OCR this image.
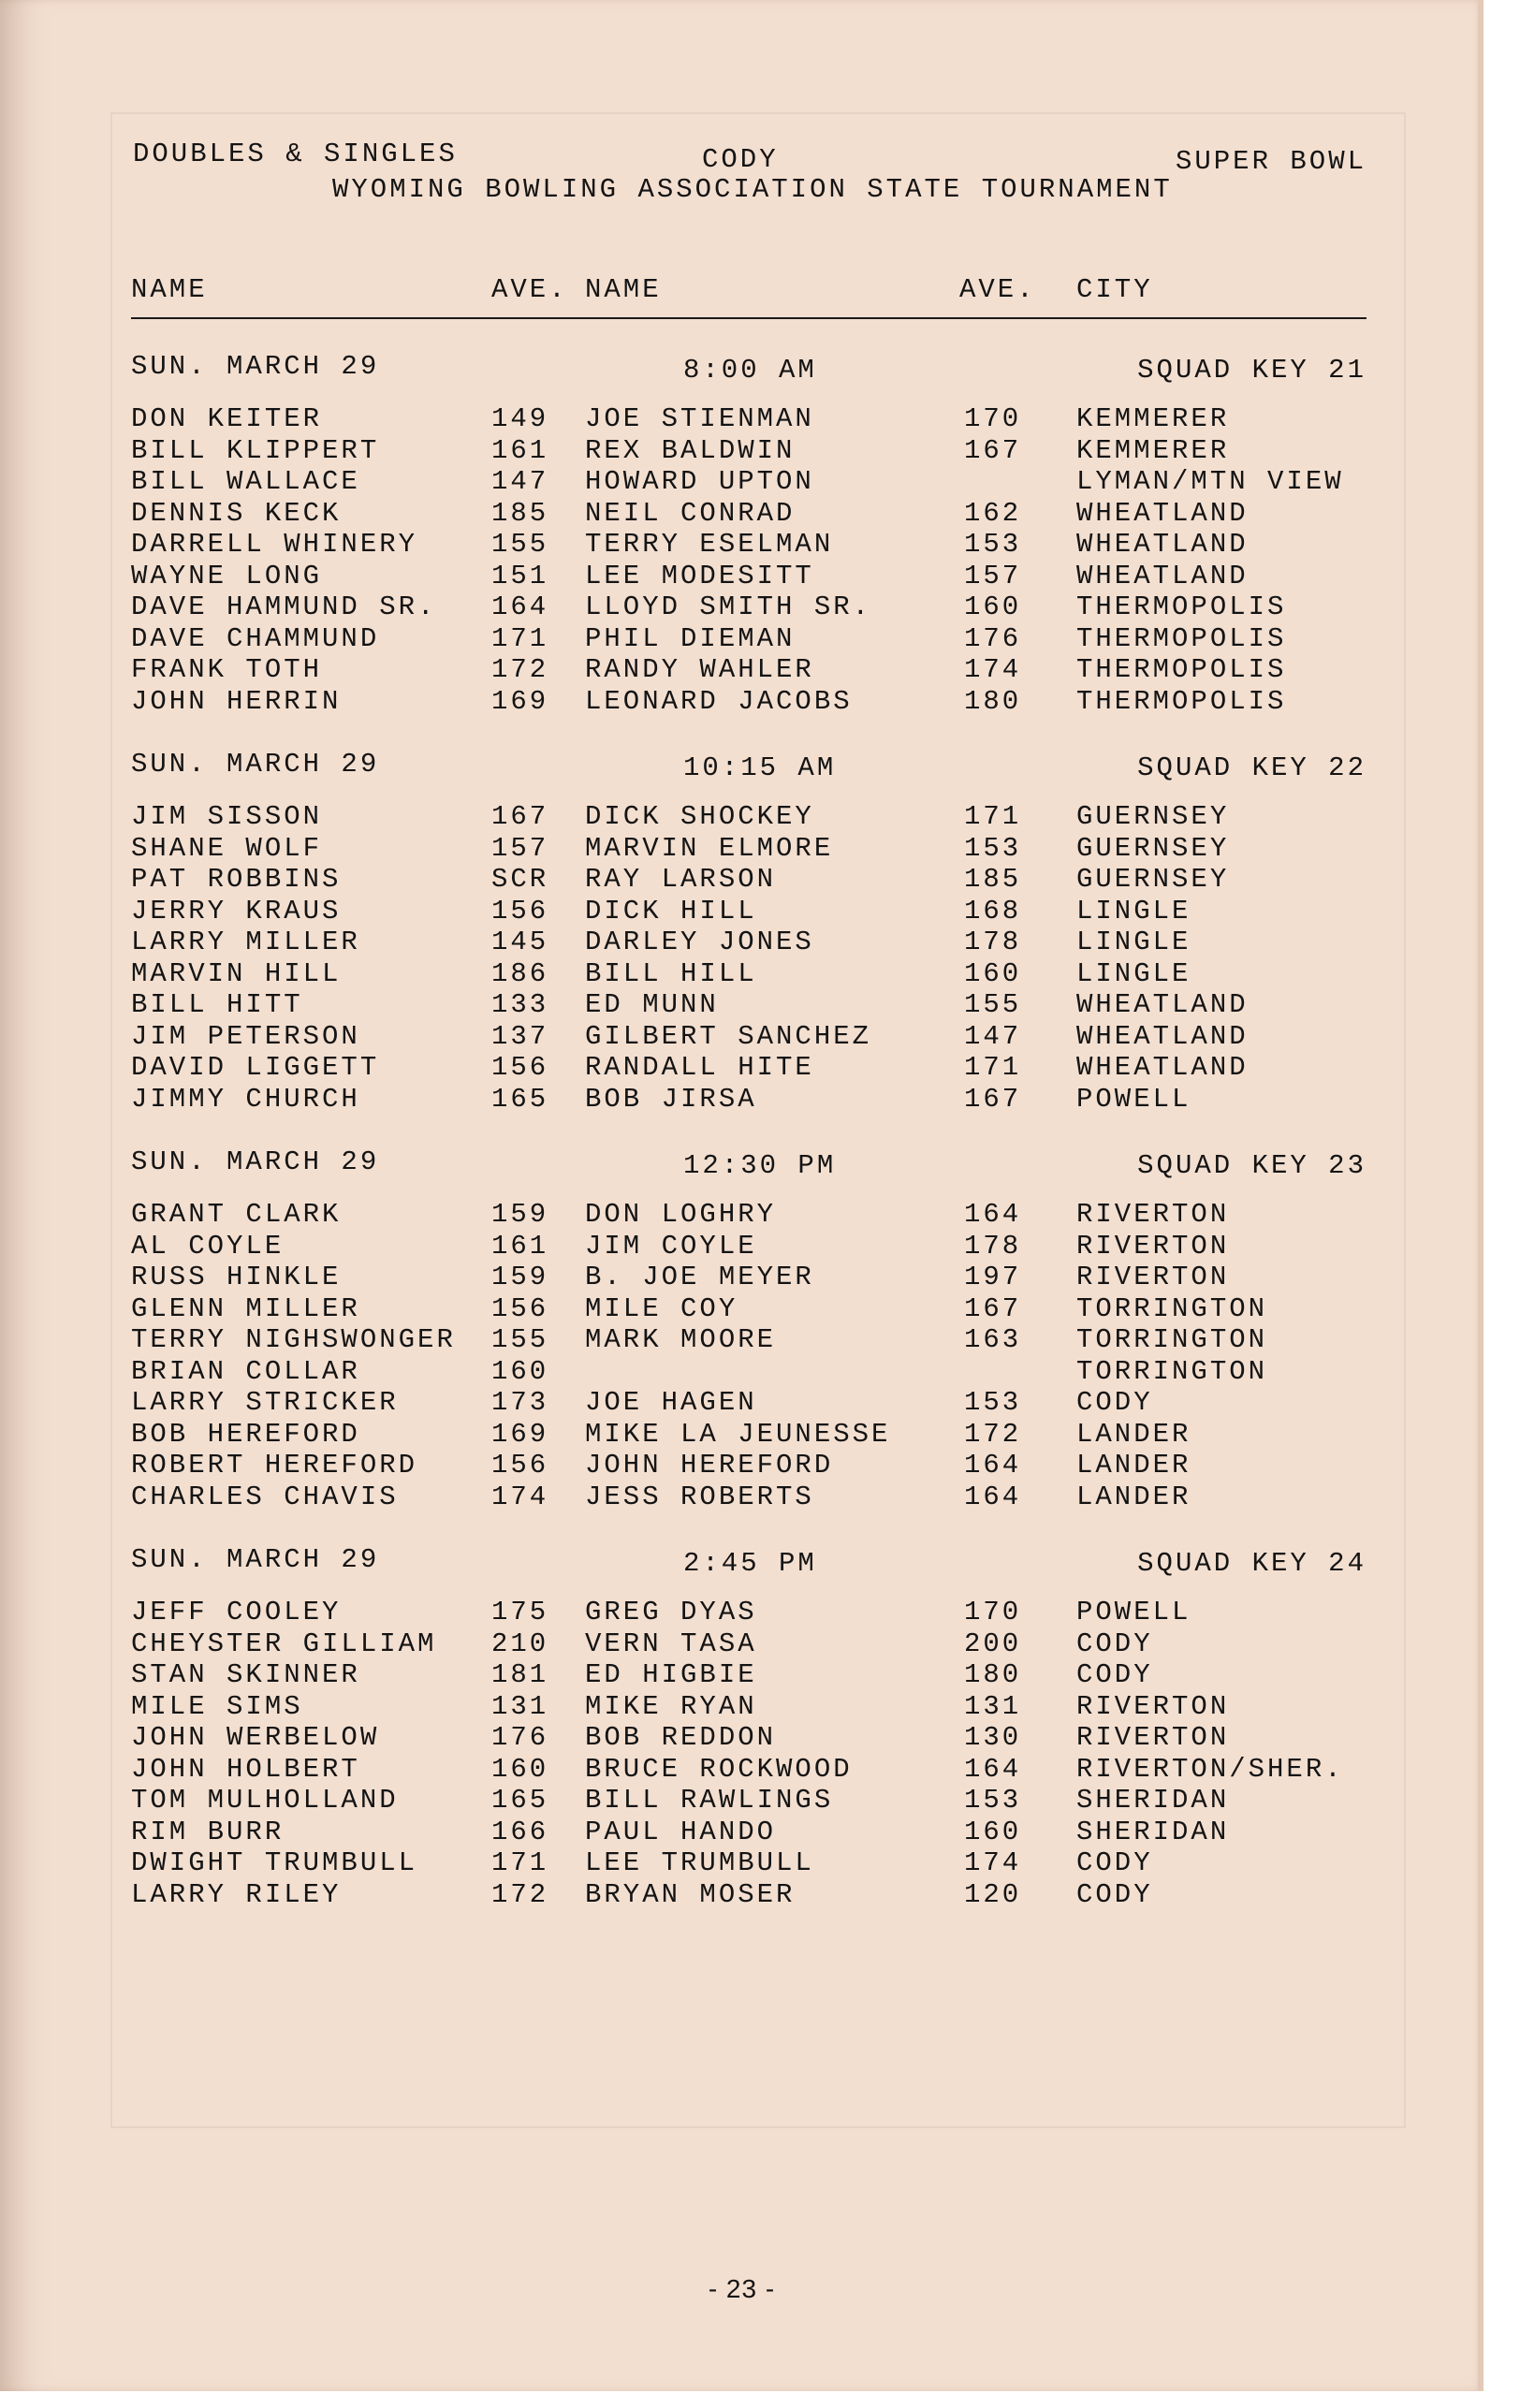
DOUBLES & SINGLES	CODY	SUPER BOWL
WYOMING BOWLING ASSOCIATION STATE TOURNAMENT
NAME	AVE. NAME	AVE. CITY
SUN. MARCH 29	8:00 AM	SQUAD KEY 21
DON KEITER	149 JOE STIENMAN	170 KEMMERER
BILL KLIPPERT	161 REX BALDWIN	167 KEMMERER
BILL WALLACE	147 HOWARD UPTON	LYMAN/MTN VIEW
DENNIS KECK	185 NEIL CONRAD	162 WHEATLAND
DARRELL WHINERY	155 TERRY ESELMAN	153 WHEATLAND
WAYNE LONG	151 LEE MODESITT	157 WHEATLAND
DAVE HAMMUND SR. 164 LLOYD SMITH SR.	160 THERMOPOLIS
DAVE CHAMMUND	171 PHIL DIEMAN	176 THERMOPOLIS
FRANK TOTH	172 RANDY WAHLER	174 THERMOPOLIS
JOHN HERRIN	169 LEONARD JACOBS	180 THERMOPOLIS
SUN. MARCH 29	10:15 AM	SQUAD KEY 22
JIM SISSON	167 DICK SHOCKEY	171 GUERNSEY
SHANE WOLF	157 MARVIN ELMORE	153 GUERNSEY
PAT ROBBINS	SCR RAY LARSON	185 GUERNSEY
JERRY KRAUS	156 DICK HILL	168 LINGLE
LARRY MILLER	145 DARLEY JONES	178 LINGLE
MARVIN HILL	186 BILL HILL	160 LINGLE
BILL HITT	133 ED MUNN	155 WHEATLAND
JIM PETERSON	137 GILBERT SANCHEZ	147 WHEATLAND
DAVID LIGGETT	156 RANDALL HITE	171 WHEATLAND
JIMMY CHURCH	165 BOB JIRSA	167 POWELL
SUN. MARCH 29	12:30 PM	SQUAD KEY 23
GRANT CLARK	159 DON LOGHRY	164 RIVERTON
AL COYLE	161 JIM COYLE	178 RIVERTON
RUSS HINKLE	159 B. JOE MEYER	197 RIVERTON
GLENN MILLER	156 MILE COY	167 TORRINGTON
TERRY NIGHSWONGER 155 MARK MOORE	163 TORRINGTON
BRIAN COLLAR	160	TORRINGTON
LARRY STRICKER	173 JOE HAGEN	153 CODY
BOB HEREFORD	169 MIKE LA JEUNESSE	172 LANDER
ROBERT HEREFORD	156 JOHN HEREFORD	164 LANDER
CHARLES CHAVIS	174 JESS ROBERTS	164 LANDER
SUN. MARCH 29	2:45 PM	SQUAD KEY 24
JEFF COOLEY	175 GREG DYAS	170 POWELL
CHEYSTER GILLIAM 210 VERN TASA	200 CODY
STAN SKINNER	181 ED HIGBIE	180 CODY
MILE SIMS	131 MIKE RYAN	131 RIVERTON
JOHN WERBELOW	176 BOB REDDON	130 RIVERTON
JOHN HOLBERT	160 BRUCE ROCKWOOD	164 RIVERTON/SHER.
TOM MULHOLLAND	165 BILL RAWLINGS	153 SHERIDAN
RIM BURR	166 PAUL HANDO	160 SHERIDAN
DWIGHT TRUMBULL	171 LEE TRUMBULL	174 CODY
LARRY RILEY	172 BRYAN MOSER	120 CODY
- 23 -
